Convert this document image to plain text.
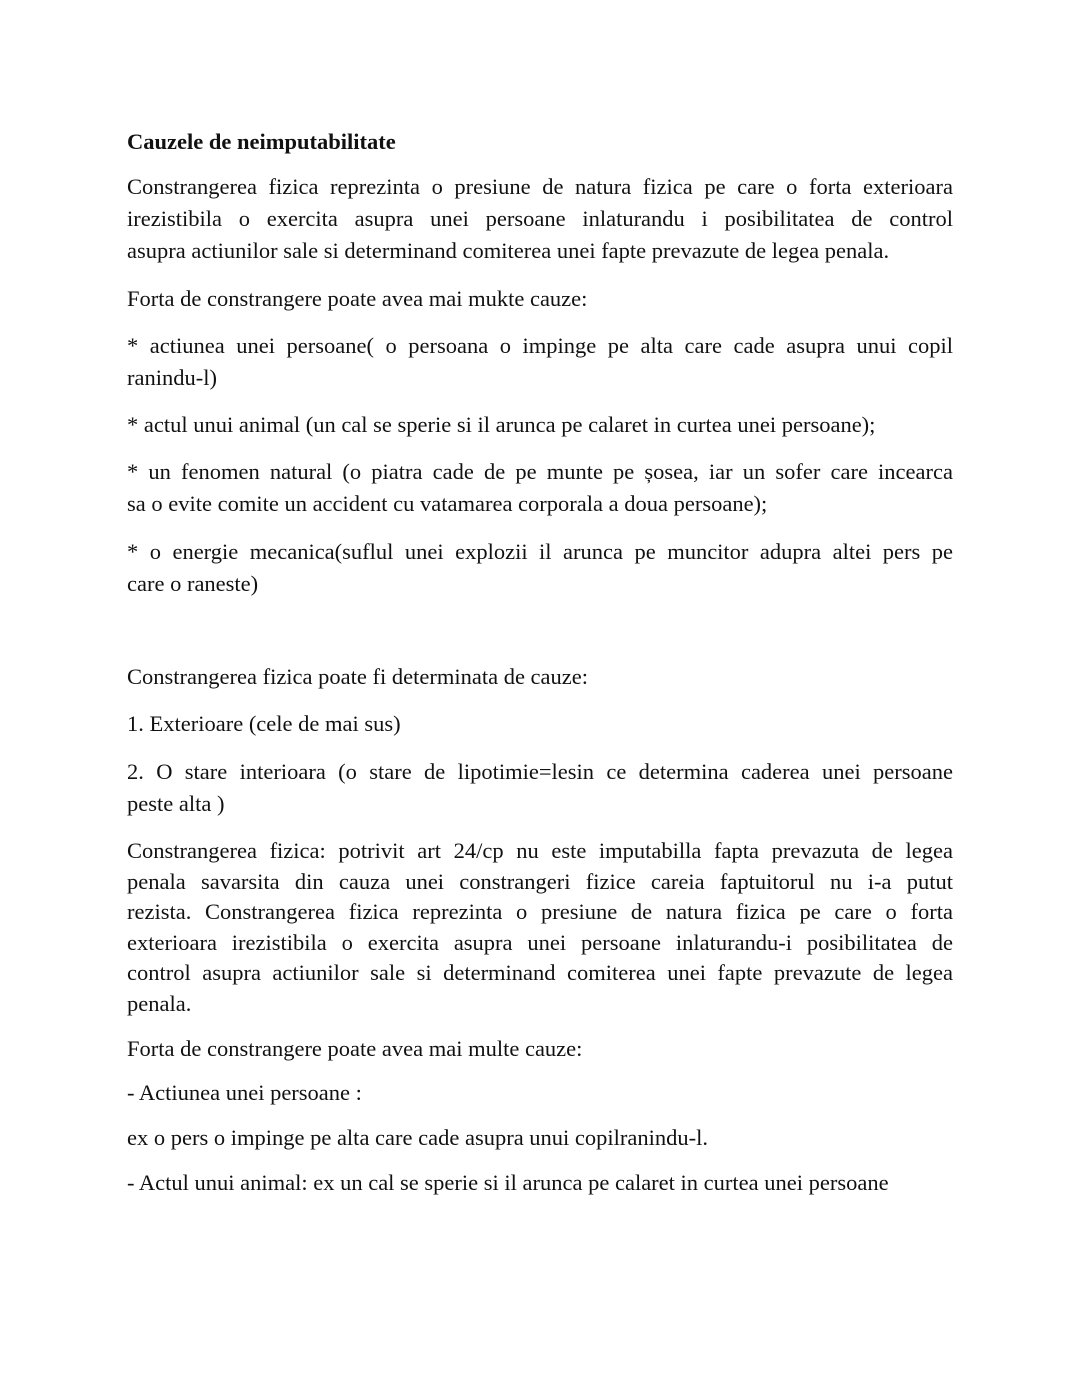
Cauzele de neimputabilitate
Constrangerea fizica reprezinta o presiune de natura fizica pe care o forta exterioara
irezistibila o exercita asupra unei persoane inlaturandu i posibilitatea de control
asupra actiunilor sale si determinand comiterea unei fapte prevazute de legea penala.
Forta de constrangere poate avea mai mukte cauze:
* actiunea unei persoane( o persoana o impinge pe alta care cade asupra unui copil
ranindu-l)
* actul unui animal (un cal se sperie si il arunca pe calaret in curtea unei persoane);
* un fenomen natural (o piatra cade de pe munte pe șosea, iar un sofer care incearca
sa o evite comite un accident cu vatamarea corporala a doua persoane);
* o energie mecanica(suflul unei explozii il arunca pe muncitor adupra altei pers pe
care o raneste)
Constrangerea fizica poate fi determinata de cauze:
1. Exterioare (cele de mai sus)
2. O stare interioara (o stare de lipotimie=lesin ce determina caderea unei persoane
peste alta )
Constrangerea fizica: potrivit art 24/cp nu este imputabilla fapta prevazuta de legea
penala savarsita din cauza unei constrangeri fizice careia faptuitorul nu i-a putut
rezista. Constrangerea fizica reprezinta o presiune de natura fizica pe care o forta
exterioara irezistibila o exercita asupra unei persoane inlaturandu-i posibilitatea de
control asupra actiunilor sale si determinand comiterea unei fapte prevazute de legea
penala.
Forta de constrangere poate avea mai multe cauze:
- Actiunea unei persoane :
ex o pers o impinge pe alta care cade asupra unui copilranindu-l.
- Actul unui animal: ex un cal se sperie si il arunca pe calaret in curtea unei persoane
